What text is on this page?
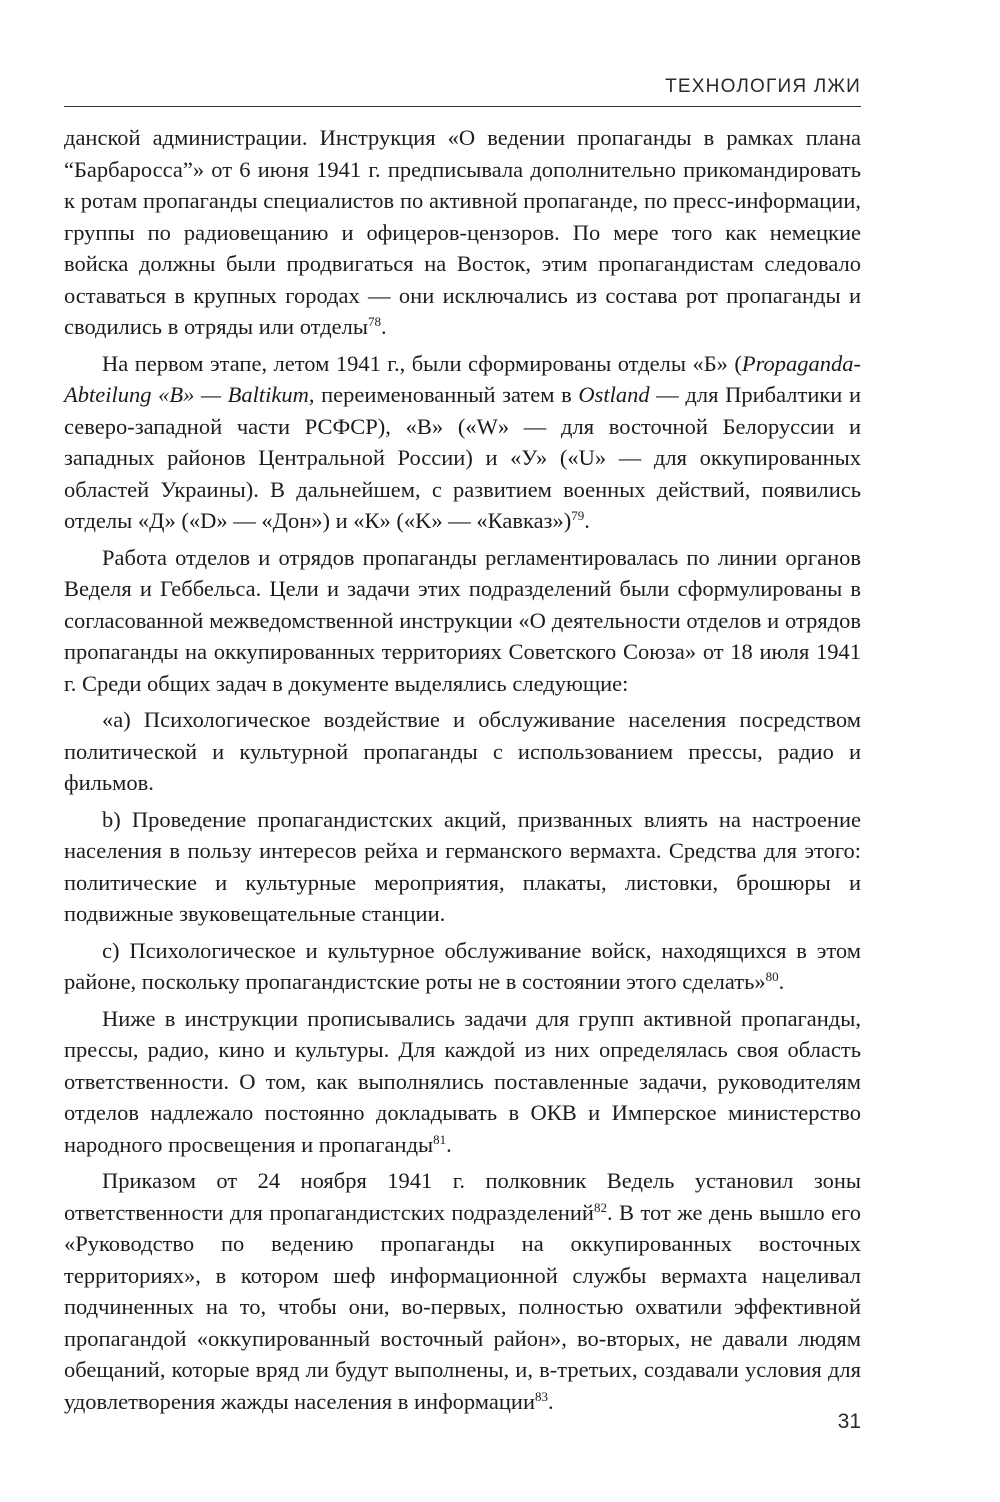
ТЕХНОЛОГИЯ ЛЖИ

данской администрации. Инструкция «О ведении пропаганды в рамках плана “Барбаросса”» от 6 июня 1941 г. предписывала дополнительно прикомандировать к ротам пропаганды специалистов по активной пропаганде, по пресс-информации, группы по радиовещанию и офицеров-цензоров. По мере того как немецкие войска должны были продвигаться на Восток, этим пропагандистам следовало оставаться в крупных городах — они исключались из состава рот пропаганды и сводились в отряды или отделы$^{78}$.

На первом этапе, летом 1941 г., были сформированы отделы «Б» (Propaganda-Abteilung «B» — Baltikum, переименованный затем в Ostland — для Прибалтики и северо-западной части РСФСР), «В» («W» — для восточной Белоруссии и западных районов Центральной России) и «У» («U» — для оккупированных областей Украины). В дальнейшем, с развитием военных действий, появились отделы «Д» («D» — «Дон») и «К» («K» — «Кавказ»)$^{79}$.

Работа отделов и отрядов пропаганды регламентировалась по линии органов Веделя и Геббельса. Цели и задачи этих подразделений были сформулированы в согласованной межведомственной инструкции «О деятельности отделов и отрядов пропаганды на оккупированных территориях Советского Союза» от 18 июля 1941 г. Среди общих задач в документе выделялись следующие:

«а) Психологическое воздействие и обслуживание населения посредством политической и культурной пропаганды с использованием прессы, радио и фильмов.

b) Проведение пропагандистских акций, призванных влиять на настроение населения в пользу интересов рейха и германского вермахта. Средства для этого: политические и культурные мероприятия, плакаты, листовки, брошюры и подвижные звуковещательные станции.

c) Психологическое и культурное обслуживание войск, находящихся в этом районе, поскольку пропагандистские роты не в состоянии этого сделать»$^{80}$.

Ниже в инструкции прописывались задачи для групп активной пропаганды, прессы, радио, кино и культуры. Для каждой из них определялась своя область ответственности. О том, как выполнялись поставленные задачи, руководителям отделов надлежало постоянно докладывать в ОКВ и Имперское министерство народного просвещения и пропаганды$^{81}$.

Приказом от 24 ноября 1941 г. полковник Ведель установил зоны ответственности для пропагандистских подразделений$^{82}$. В тот же день вышло его «Руководство по ведению пропаганды на оккупированных восточных территориях», в котором шеф информационной службы вермахта нацеливал подчиненных на то, чтобы они, во-первых, полностью охватили эффективной пропагандой «оккупированный восточный район», во-вторых, не давали людям обещаний, которые вряд ли будут выполнены, и, в-третьих, создавали условия для удовлетворения жажды населения в информации$^{83}$.

31
